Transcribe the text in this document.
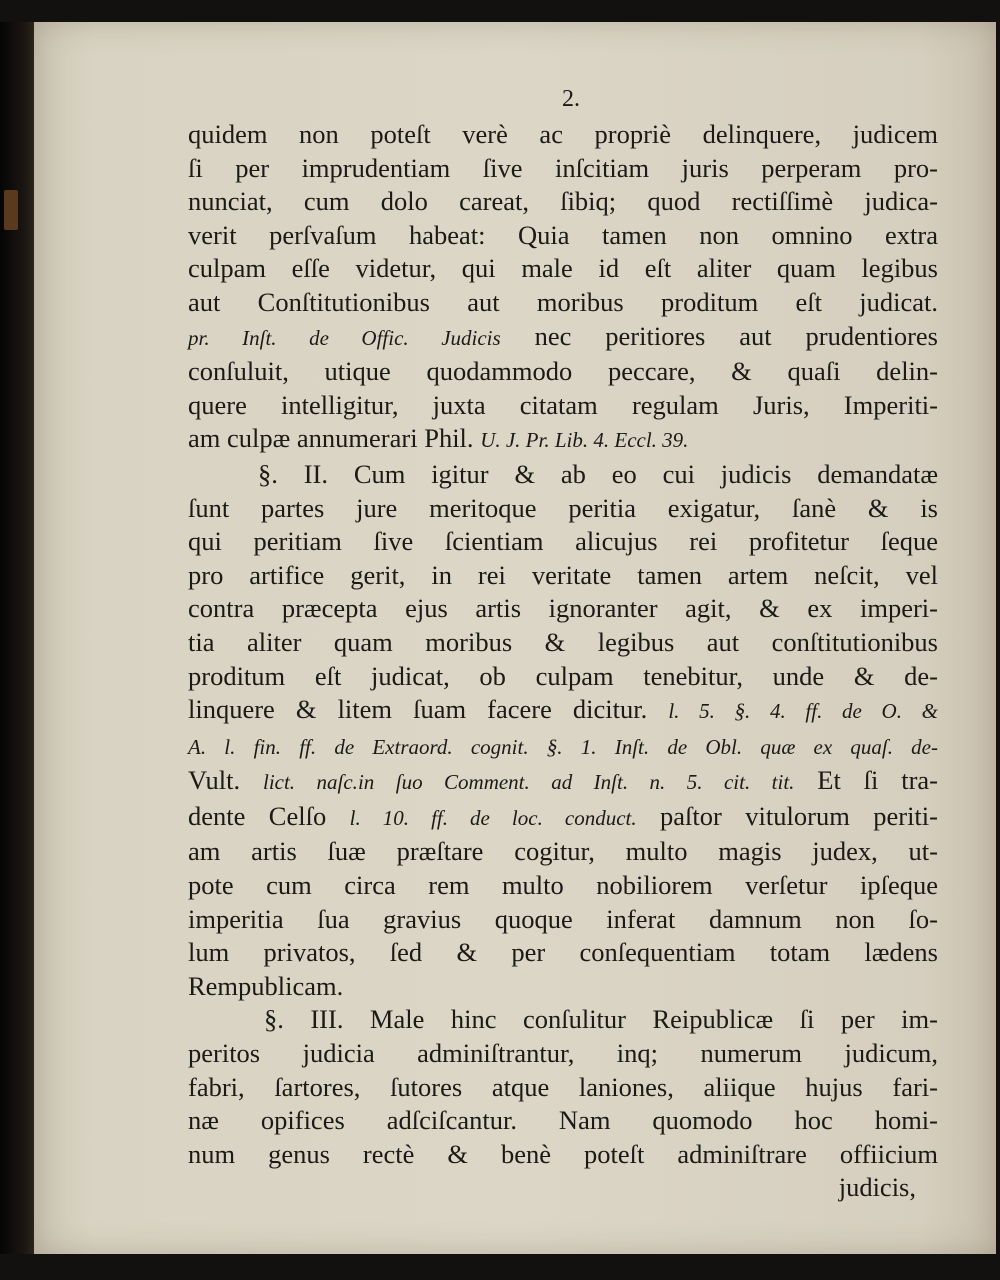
2.
quidem non poteſt verè ac propriè delinquere, judicem
ſi per imprudentiam ſive inſcitiam juris perperam pro-
nunciat, cum dolo careat, ſibiq; quod rectiſſimè judica-
verit perſvaſum habeat: Quia tamen non omnino extra
culpam eſſe videtur, qui male id eſt aliter quam legibus
aut Conſtitutionibus aut moribus proditum eſt judicat.
pr. Inſt. de Offic. Judicis nec peritiores aut prudentiores
conſuluit, utique quodammodo peccare, & quaſi delin-
quere intelligitur, juxta citatam regulam Juris, Imperiti-
am culpæ annumerari Phil. U. J. Pr. Lib. 4. Eccl. 39.
§. II. Cum igitur & ab eo cui judicis demandatæ
ſunt partes jure meritoque peritia exigatur, ſanè & is
qui peritiam ſive ſcientiam alicujus rei profitetur ſeque
pro artifice gerit, in rei veritate tamen artem neſcit, vel
contra præcepta ejus artis ignoranter agit, & ex imperi-
tia aliter quam moribus & legibus aut conſtitutionibus
proditum eſt judicat, ob culpam tenebitur, unde & de-
linquere & litem ſuam facere dicitur. l. 5. §. 4. ff. de O. &
A. l. fin. ff. de Extraord. cognit. §. 1. Inſt. de Obl. quæ ex quaſ. de-
Vult. lict. naſc.in ſuo Comment. ad Inſt. n. 5. cit. tit. Et ſi tra-
dente Celſo l. 10. ff. de loc. conduct. paſtor vitulorum periti-
am artis ſuæ præſtare cogitur, multo magis judex, ut-
pote cum circa rem multo nobiliorem verſetur ipſeque
imperitia ſua gravius quoque inferat damnum non ſo-
lum privatos, ſed & per conſequentiam totam lædens
Rempublicam.
§. III. Male hinc conſulitur Reipublicæ ſi per im-
peritos judicia adminiſtrantur, inq; numerum judicum,
fabri, ſartores, ſutores atque laniones, aliique hujus fari-
næ opifices adſciſcantur. Nam quomodo hoc homi-
num genus rectè & benè poteſt adminiſtrare offiicium
judicis,
